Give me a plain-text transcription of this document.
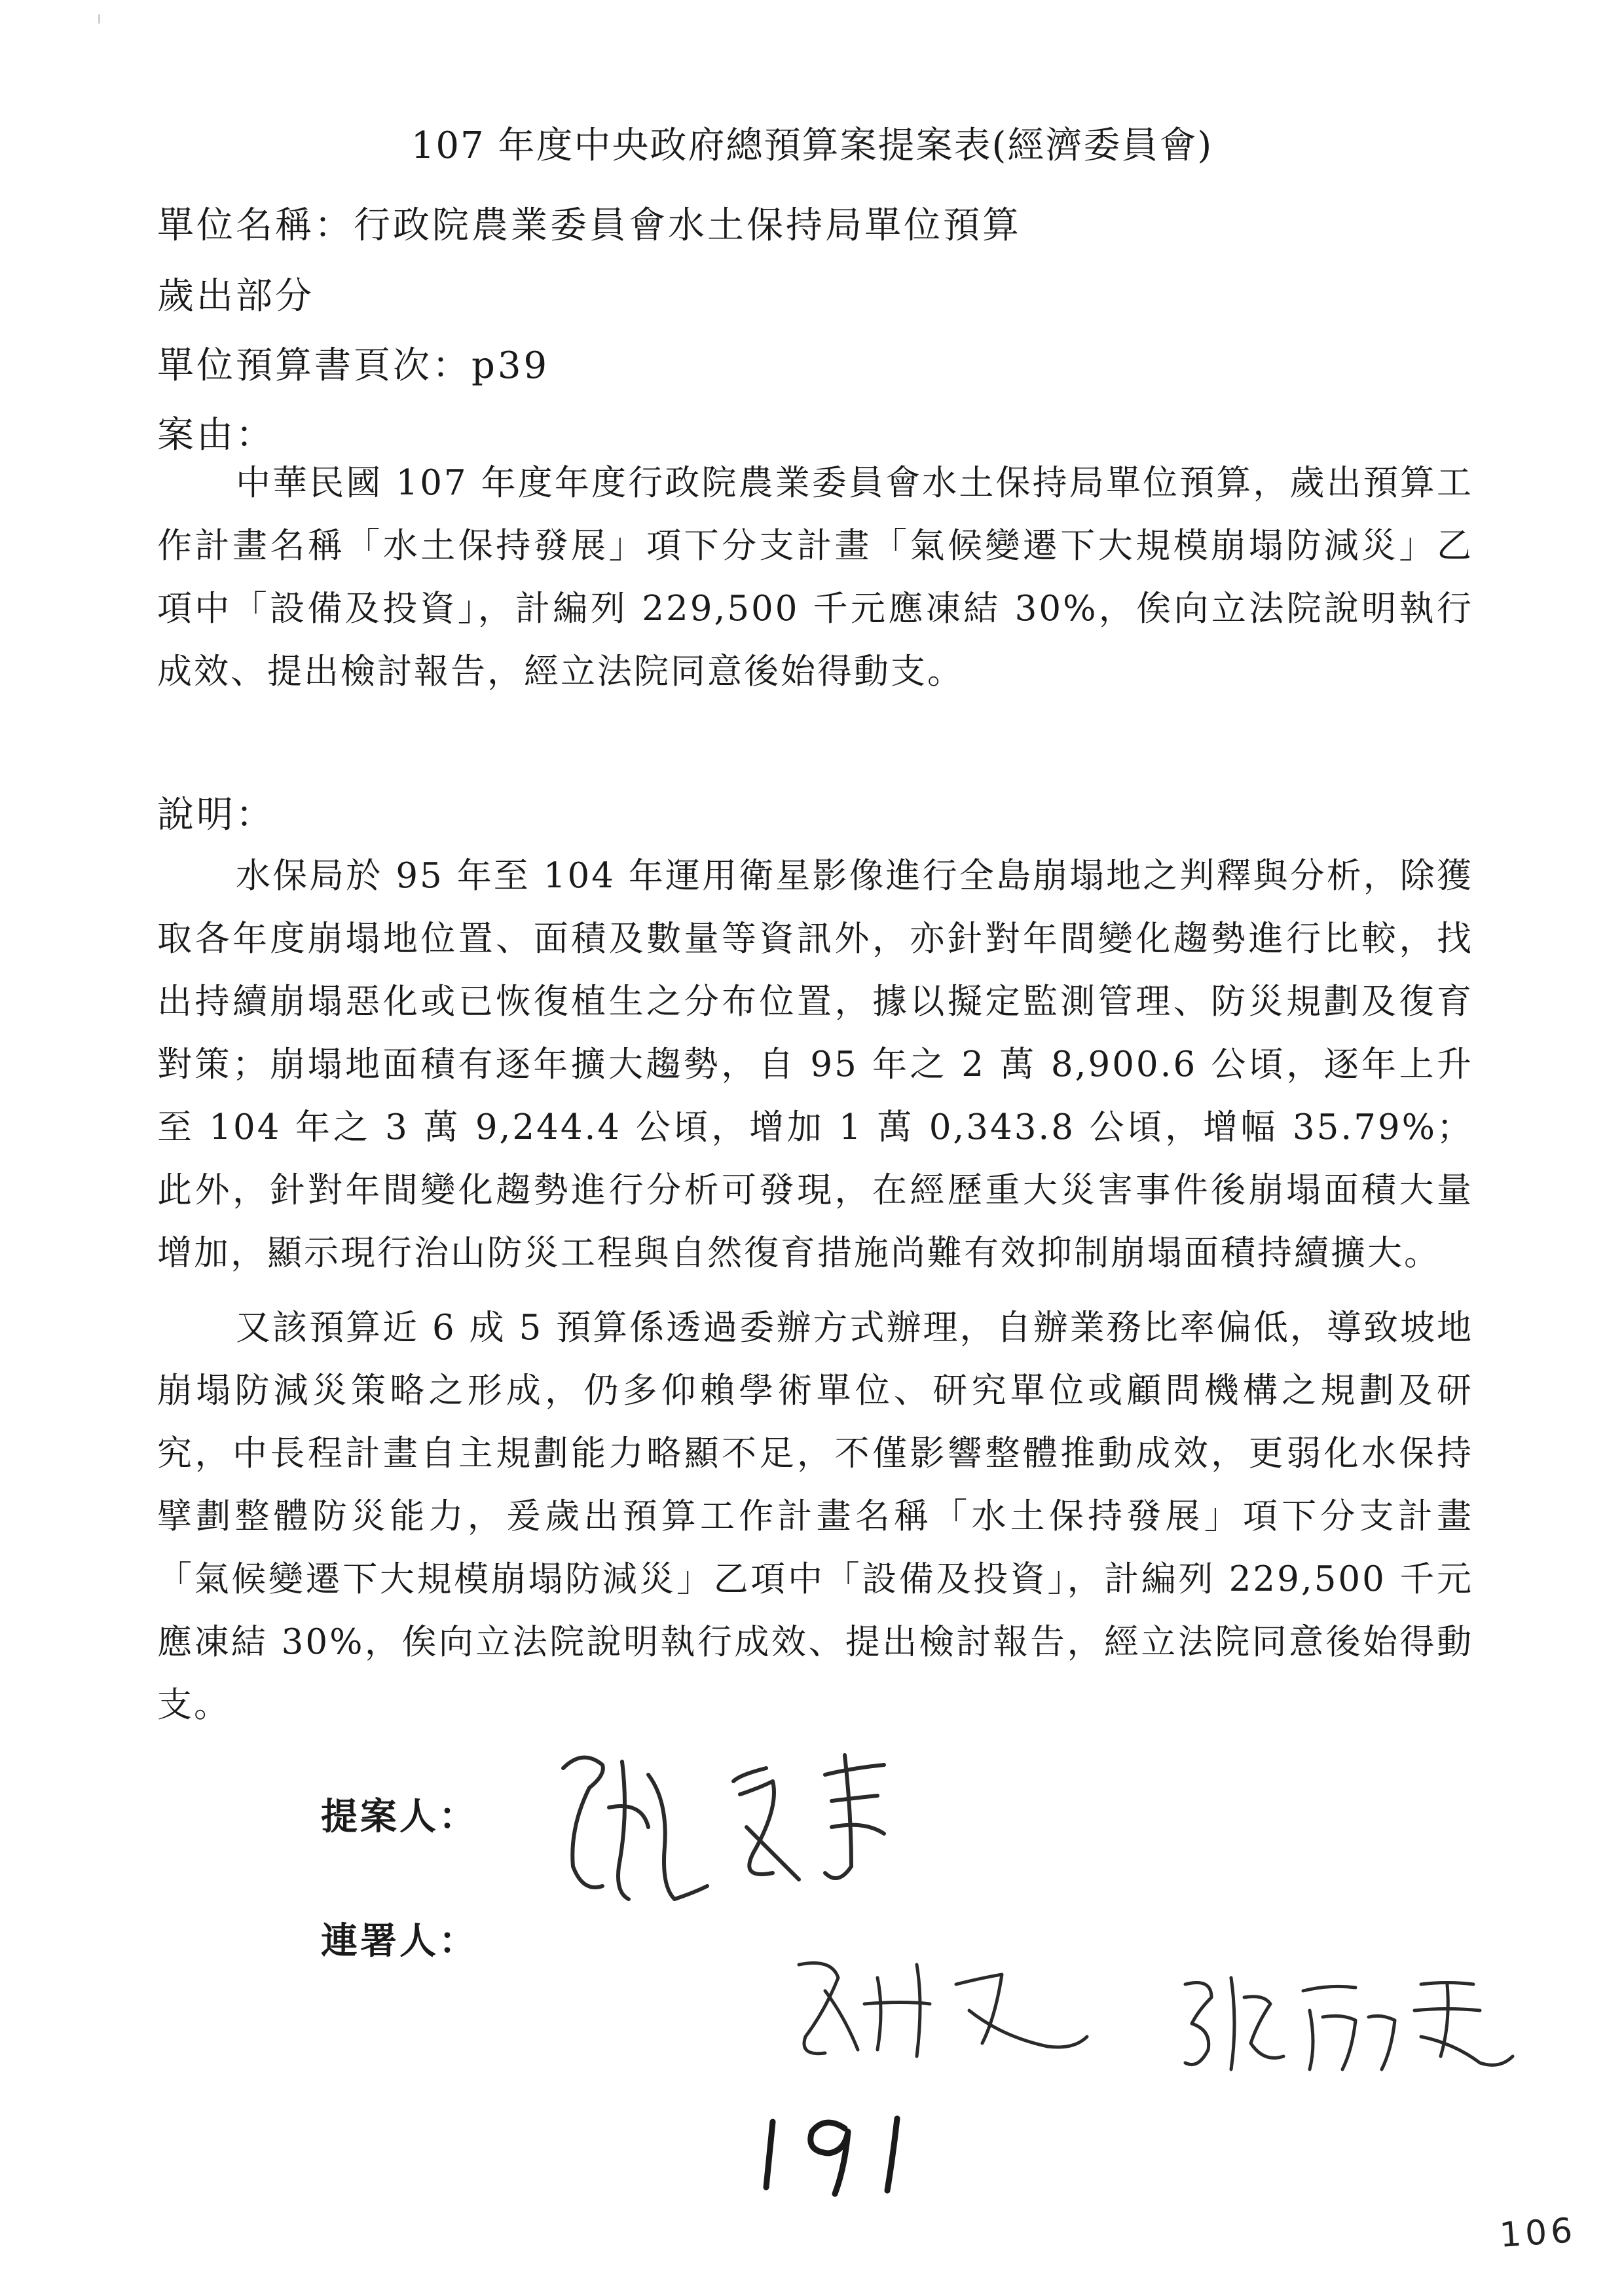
107 年度中央政府總預算案提案表(經濟委員會)
單位名稱：行政院農業委員會水土保持局單位預算
歲出部分
單位預算書頁次：p39
案由：

中華民國 107 年度年度行政院農業委員會水土保持局單位預算，歲出預算工作計畫名稱「水土保持發展」項下分支計畫「氣候變遷下大規模崩塌防減災」乙項中「設備及投資」，計編列 229,500 千元應凍結 30%，俟向立法院說明執行成效、提出檢討報告，經立法院同意後始得動支。

說明：

水保局於 95 年至 104 年運用衛星影像進行全島崩塌地之判釋與分析，除獲取各年度崩塌地位置、面積及數量等資訊外，亦針對年間變化趨勢進行比較，找出持續崩塌惡化或已恢復植生之分布位置，據以擬定監測管理、防災規劃及復育對策；崩塌地面積有逐年擴大趨勢，自 95 年之 2 萬 8,900.6 公頃，逐年上升至 104 年之 3 萬 9,244.4 公頃，增加 1 萬 0,343.8 公頃，增幅 35.79%；此外，針對年間變化趨勢進行分析可發現，在經歷重大災害事件後崩塌面積大量增加，顯示現行治山防災工程與自然復育措施尚難有效抑制崩塌面積持續擴大。

又該預算近 6 成 5 預算係透過委辦方式辦理，自辦業務比率偏低，導致坡地崩塌防減災策略之形成，仍多仰賴學術單位、研究單位或顧問機構之規劃及研究，中長程計畫自主規劃能力略顯不足，不僅影響整體推動成效，更弱化水保持擘劃整體防災能力，爰歲出預算工作計畫名稱「水土保持發展」項下分支計畫「氣候變遷下大規模崩塌防減災」乙項中「設備及投資」，計編列 229,500 千元應凍結 30%，俟向立法院說明執行成效、提出檢討報告，經立法院同意後始得動支。

提案人：
連署人：
106
